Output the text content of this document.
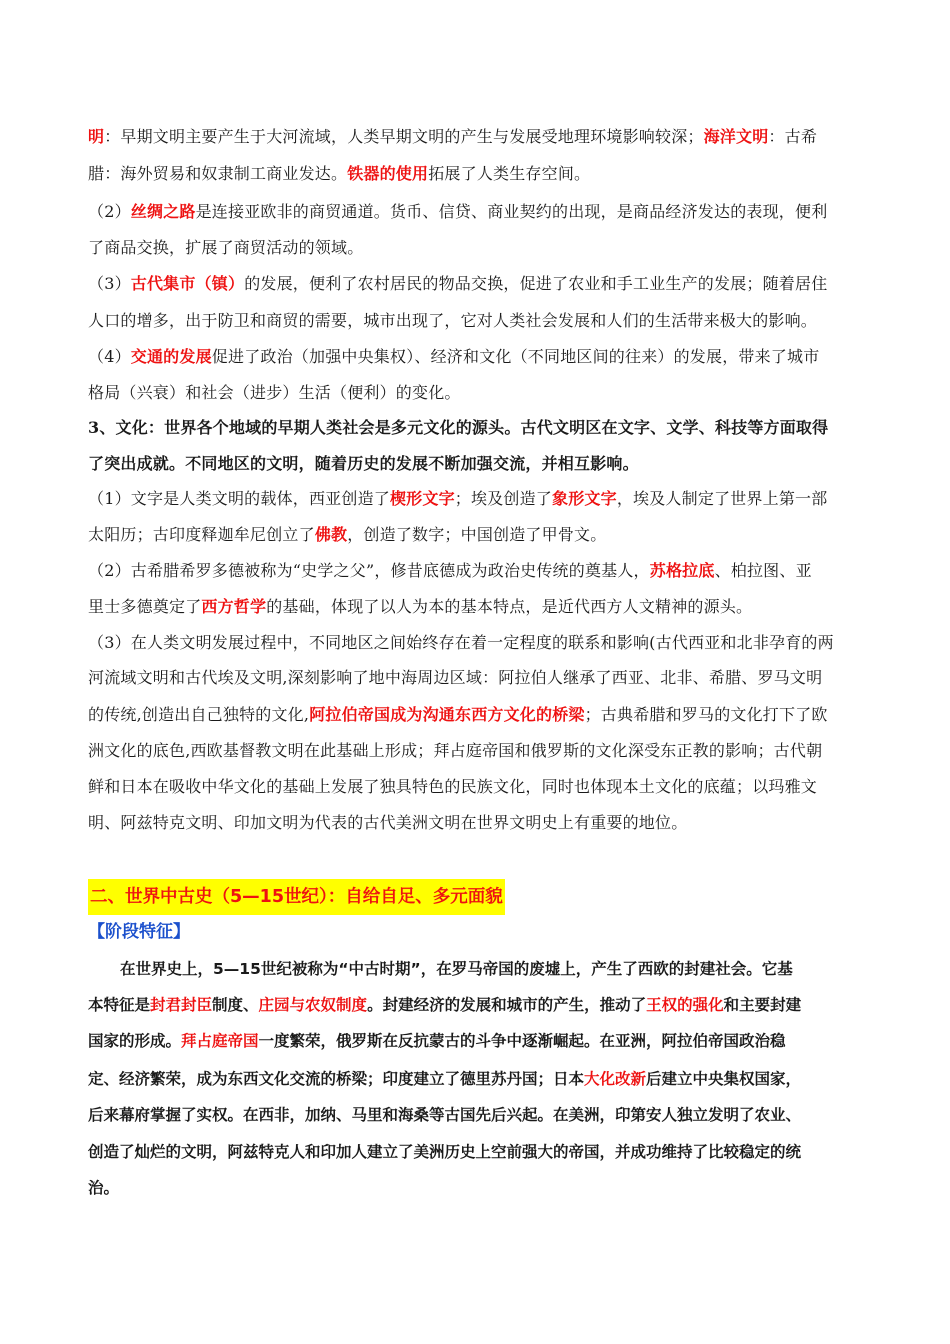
明：早期文明主要产生于大河流域，人类早期文明的产生与发展受地理环境影响较深；海洋文明：古希
腊：海外贸易和奴隶制工商业发达。铁器的使用拓展了人类生存空间。
（2）丝绸之路是连接亚欧非的商贸通道。货币、信贷、商业契约的出现，是商品经济发达的表现，便利
了商品交换，扩展了商贸活动的领域。
（3）古代集市（镇）的发展，便利了农村居民的物品交换，促进了农业和手工业生产的发展；随着居住
人口的增多，出于防卫和商贸的需要，城市出现了，它对人类社会发展和人们的生活带来极大的影响。
（4）交通的发展促进了政治（加强中央集权）、经济和文化（不同地区间的往来）的发展，带来了城市
格局（兴衰）和社会（进步）生活（便利）的变化。
3、文化：世界各个地域的早期人类社会是多元文化的源头。古代文明区在文字、文学、科技等方面取得
了突出成就。不同地区的文明，随着历史的发展不断加强交流，并相互影响。
（1）文字是人类文明的载体，西亚创造了楔形文字；埃及创造了象形文字，埃及人制定了世界上第一部
太阳历；古印度释迦牟尼创立了佛教，创造了数字；中国创造了甲骨文。
（2）古希腊希罗多德被称为“史学之父”，修昔底德成为政治史传统的奠基人，苏格拉底、柏拉图、亚
里士多德奠定了西方哲学的基础，体现了以人为本的基本特点，是近代西方人文精神的源头。
（3）在人类文明发展过程中，不同地区之间始终存在着一定程度的联系和影响(古代西亚和北非孕育的两
河流域文明和古代埃及文明,深刻影响了地中海周边区域：阿拉伯人继承了西亚、北非、希腊、罗马文明
的传统,创造出自己独特的文化,阿拉伯帝国成为沟通东西方文化的桥梁；古典希腊和罗马的文化打下了欧
洲文化的底色,西欧基督教文明在此基础上形成；拜占庭帝国和俄罗斯的文化深受东正教的影响；古代朝
鲜和日本在吸收中华文化的基础上发展了独具特色的民族文化，同时也体现本土文化的底蕴；以玛雅文
明、阿兹特克文明、印加文明为代表的古代美洲文明在世界文明史上有重要的地位。
二、世界中古史（5—15世纪）：自给自足、多元面貌
【阶段特征】
在世界史上，5—15世纪被称为“中古时期”，在罗马帝国的废墟上，产生了西欧的封建社会。它基
本特征是封君封臣制度、庄园与农奴制度。封建经济的发展和城市的产生，推动了王权的强化和主要封建
国家的形成。拜占庭帝国一度繁荣，俄罗斯在反抗蒙古的斗争中逐渐崛起。在亚洲，阿拉伯帝国政治稳
定、经济繁荣，成为东西文化交流的桥梁；印度建立了德里苏丹国；日本大化改新后建立中央集权国家，
后来幕府掌握了实权。在西非，加纳、马里和海桑等古国先后兴起。在美洲，印第安人独立发明了农业、
创造了灿烂的文明，阿兹特克人和印加人建立了美洲历史上空前强大的帝国，并成功维持了比较稳定的统
治。
